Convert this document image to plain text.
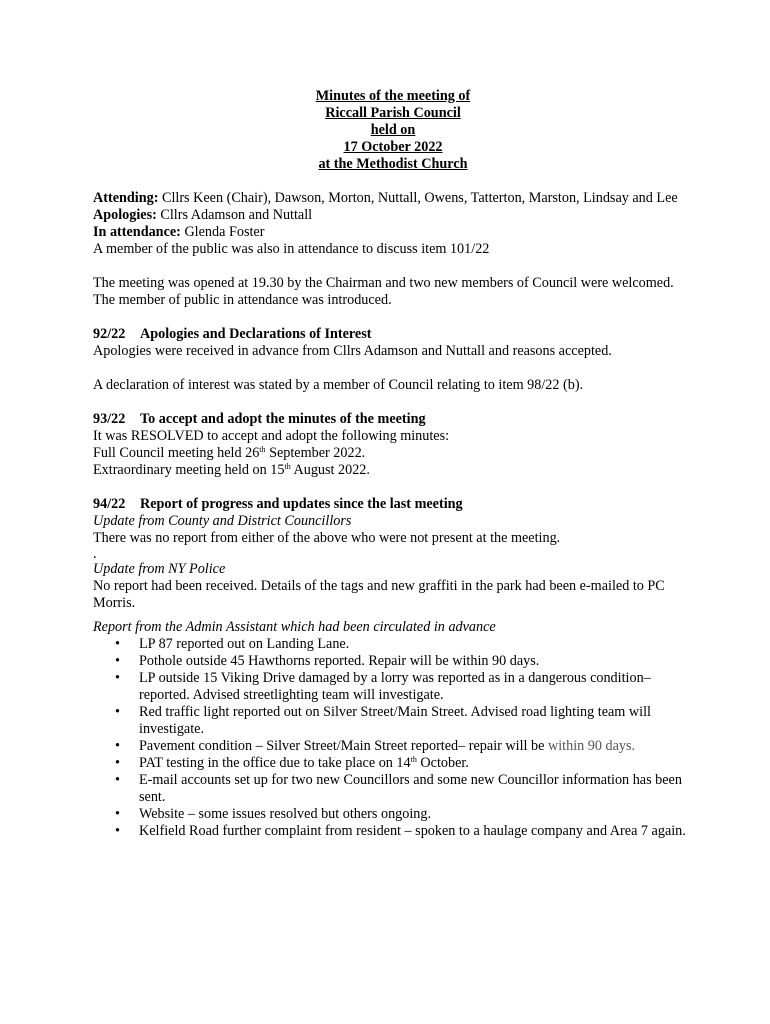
Minutes of the meeting of
Riccall Parish Council
held on
17 October 2022
at the Methodist Church

Attending: Cllrs Keen (Chair), Dawson, Morton, Nuttall, Owens, Tatterton, Marston, Lindsay and Lee

Apologies: Cllrs Adamson and Nuttall

In attendance: Glenda Foster

A member of the public was also in attendance to discuss item 101/22

The meeting was opened at 19.30 by the Chairman and two new members of Council were welcomed. The member of public in attendance was introduced.

92/22 Apologies and Declarations of Interest

Apologies were received in advance from Cllrs Adamson and Nuttall and reasons accepted.

A declaration of interest was stated by a member of Council relating to item 98/22 (b).

93/22 To accept and adopt the minutes of the meeting

It was RESOLVED to accept and adopt the following minutes:

Full Council meeting held 26th September 2022.

Extraordinary meeting held on 15th August 2022.

94/22 Report of progress and updates since the last meeting

Update from County and District Councillors

There was no report from either of the above who were not present at the meeting.

.

Update from NY Police

No report had been received. Details of the tags and new graffiti in the park had been e-mailed to PC Morris.

Report from the Admin Assistant which had been circulated in advance

• LP 87 reported out on Landing Lane.
• Pothole outside 45 Hawthorns reported. Repair will be within 90 days.
• LP outside 15 Viking Drive damaged by a lorry was reported as in a dangerous condition– reported. Advised streetlighting team will investigate.
• Red traffic light reported out on Silver Street/Main Street. Advised road lighting team will investigate.
• Pavement condition – Silver Street/Main Street reported– repair will be within 90 days.
• PAT testing in the office due to take place on 14th October.
• E-mail accounts set up for two new Councillors and some new Councillor information has been sent.
• Website – some issues resolved but others ongoing.
• Kelfield Road further complaint from resident – spoken to a haulage company and Area 7 again.
